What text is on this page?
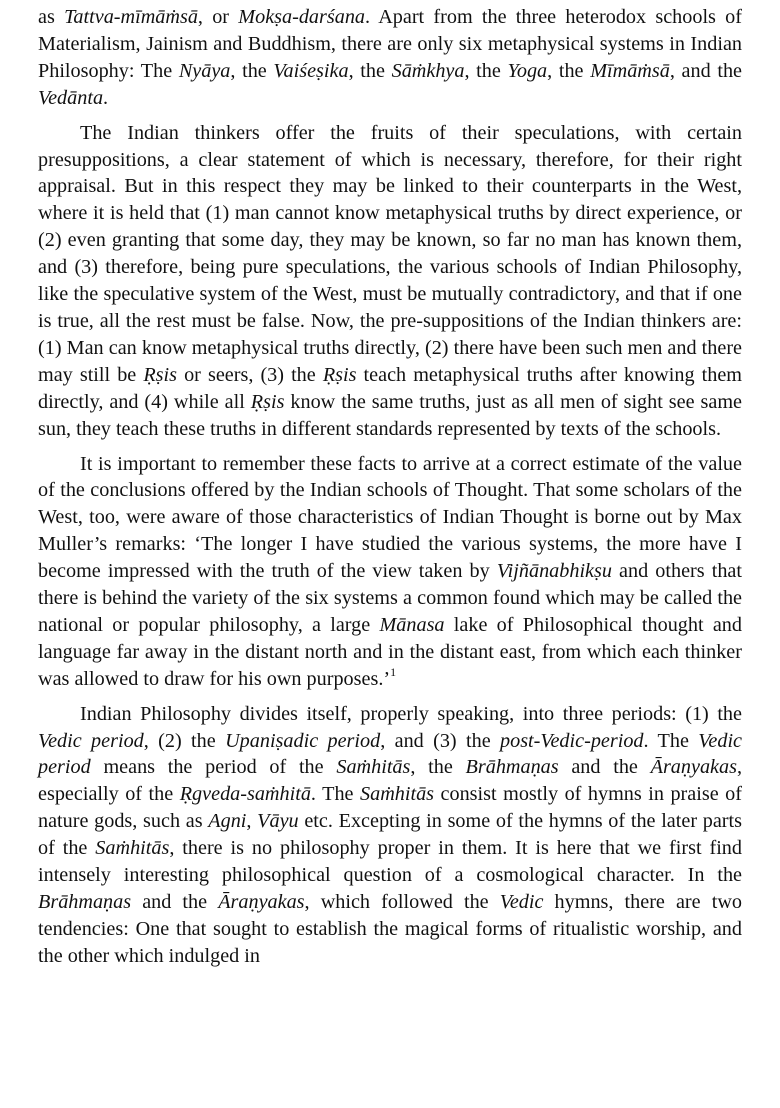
as Tattva-mīmāṁsā, or Mokṣa-darśana. Apart from the three heterodox schools of Materialism, Jainism and Buddhism, there are only six metaphysical systems in Indian Philosophy: The Nyāya, the Vaiśeṣika, the Sāṁkhya, the Yoga, the Mīmāṁsā, and the Vedānta.

The Indian thinkers offer the fruits of their speculations, with certain presuppositions, a clear statement of which is necessary, therefore, for their right appraisal. But in this respect they may be linked to their counterparts in the West, where it is held that (1) man cannot know metaphysical truths by direct experience, or (2) even granting that some day, they may be known, so far no man has known them, and (3) therefore, being pure speculations, the various schools of Indian Philosophy, like the speculative system of the West, must be mutually contradictory, and that if one is true, all the rest must be false. Now, the pre-suppositions of the Indian thinkers are: (1) Man can know metaphysical truths directly, (2) there have been such men and there may still be Ṛṣis or seers, (3) the Ṛṣis teach metaphysical truths after knowing them directly, and (4) while all Ṛṣis know the same truths, just as all men of sight see same sun, they teach these truths in different standards represented by texts of the schools.

It is important to remember these facts to arrive at a correct estimate of the value of the conclusions offered by the Indian schools of Thought. That some scholars of the West, too, were aware of those characteristics of Indian Thought is borne out by Max Muller’s remarks: ‘The longer I have studied the various systems, the more have I become impressed with the truth of the view taken by Vijñānabhikṣu and others that there is behind the variety of the six systems a common found which may be called the national or popular philosophy, a large Mānasa lake of Philosophical thought and language far away in the distant north and in the distant east, from which each thinker was allowed to draw for his own purposes.’$^1$

Indian Philosophy divides itself, properly speaking, into three periods: (1) the Vedic period, (2) the Upaniṣadic period, and (3) the post-Vedic-period. The Vedic period means the period of the Saṁhitās, the Brāhmaṇas and the Āraṇyakas, especially of the Ṛgveda-saṁhitā. The Saṁhitās consist mostly of hymns in praise of nature gods, such as Agni, Vāyu etc. Excepting in some of the hymns of the later parts of the Saṁhitās, there is no philosophy proper in them. It is here that we first find intensely interesting philosophical question of a cosmological character. In the Brāhmaṇas and the Āraṇyakas, which followed the Vedic hymns, there are two tendencies: One that sought to establish the magical forms of ritualistic worship, and the other which indulged in
